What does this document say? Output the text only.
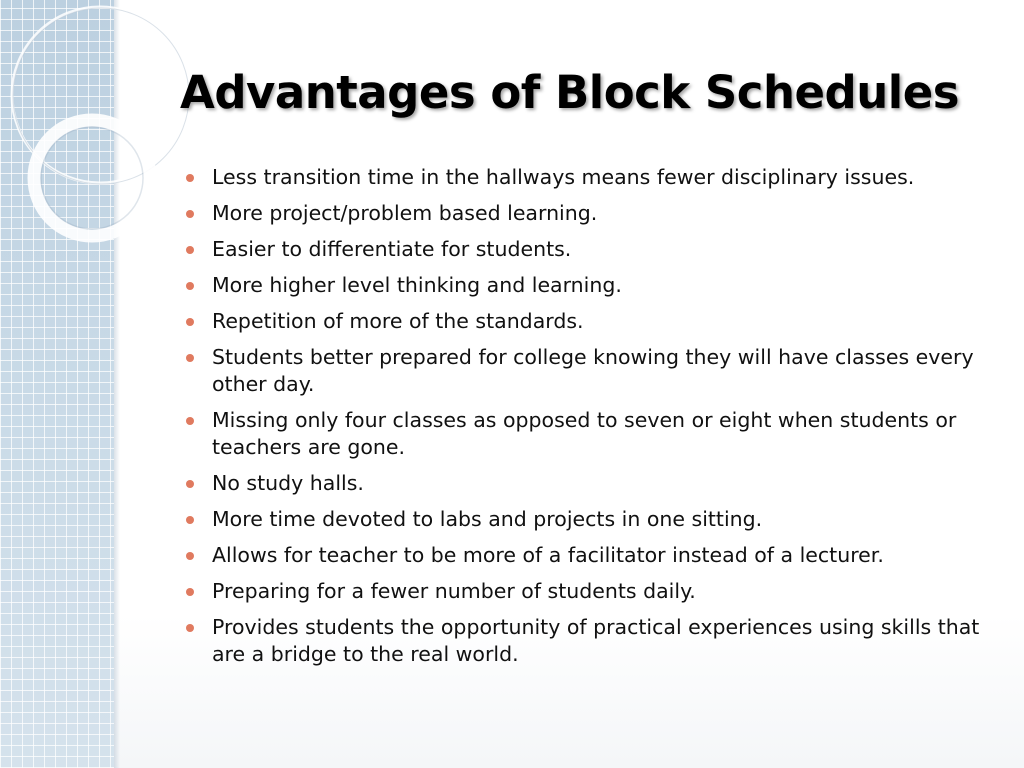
Advantages of Block Schedules
Less transition time in the hallways means fewer disciplinary issues.
More project/problem based learning.
Easier to differentiate for students.
More higher level thinking and learning.
Repetition of more of the standards.
Students better prepared for college knowing they will have classes every other day.
Missing only four classes as opposed to seven or eight when students or teachers are gone.
No study halls.
More time devoted to labs and projects in one sitting.
Allows for teacher to be more of a facilitator instead of a lecturer.
Preparing for a fewer number of students daily.
Provides students the opportunity of practical experiences using skills that are a bridge to the real world.
